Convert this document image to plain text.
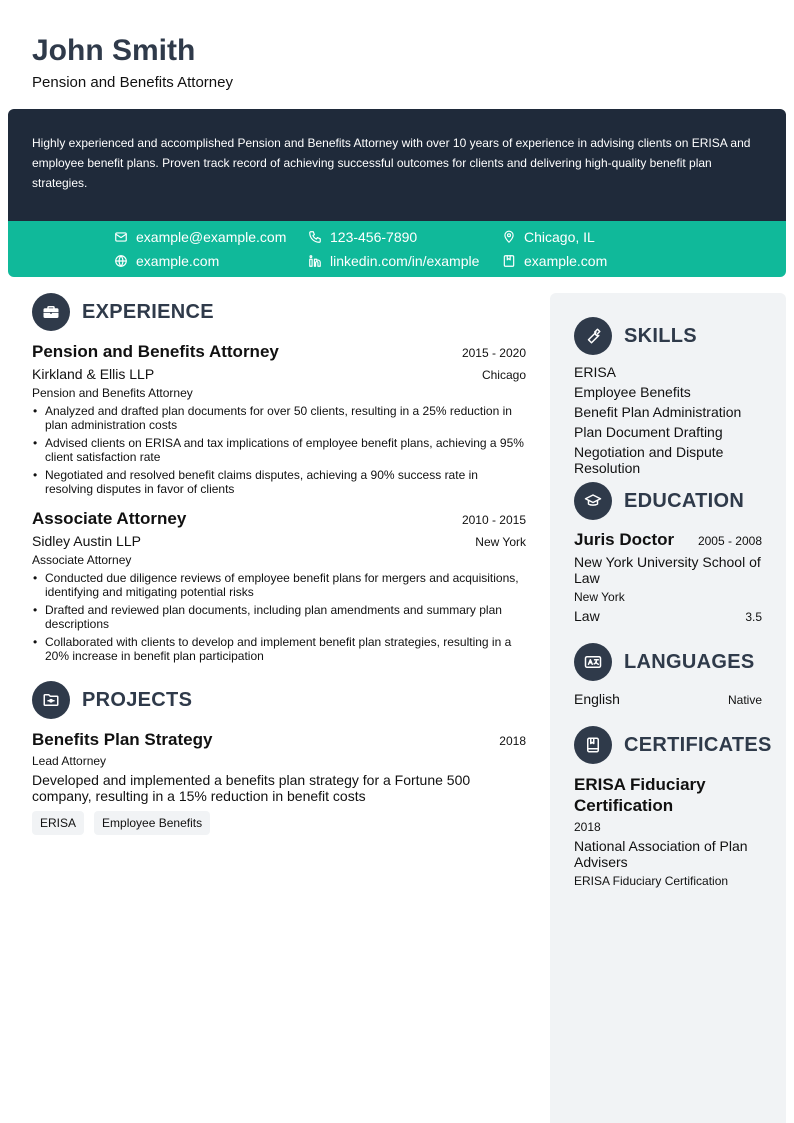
John Smith
Pension and Benefits Attorney
Highly experienced and accomplished Pension and Benefits Attorney with over 10 years of experience in advising clients on ERISA and employee benefit plans. Proven track record of achieving successful outcomes for clients and delivering high-quality benefit plan strategies.
example@example.com	123-456-7890	Chicago, IL
example.com	linkedin.com/in/example	example.com
EXPERIENCE
Pension and Benefits Attorney	2015 - 2020
Kirkland & Ellis LLP	Chicago
Pension and Benefits Attorney
• Analyzed and drafted plan documents for over 50 clients, resulting in a 25% reduction in plan administration costs
• Advised clients on ERISA and tax implications of employee benefit plans, achieving a 95% client satisfaction rate
• Negotiated and resolved benefit claims disputes, achieving a 90% success rate in resolving disputes in favor of clients
Associate Attorney	2010 - 2015
Sidley Austin LLP	New York
Associate Attorney
• Conducted due diligence reviews of employee benefit plans for mergers and acquisitions, identifying and mitigating potential risks
• Drafted and reviewed plan documents, including plan amendments and summary plan descriptions
• Collaborated with clients to develop and implement benefit plan strategies, resulting in a 20% increase in benefit plan participation
PROJECTS
Benefits Plan Strategy	2018
Lead Attorney
Developed and implemented a benefits plan strategy for a Fortune 500 company, resulting in a 15% reduction in benefit costs
ERISA	Employee Benefits
SKILLS
ERISA
Employee Benefits
Benefit Plan Administration
Plan Document Drafting
Negotiation and Dispute Resolution
EDUCATION
Juris Doctor 2005 - 2008
New York University School of Law
New York
Law	3.5
LANGUAGES
English	Native
CERTIFICATES
ERISA Fiduciary Certification
2018
National Association of Plan Advisers
ERISA Fiduciary Certification
